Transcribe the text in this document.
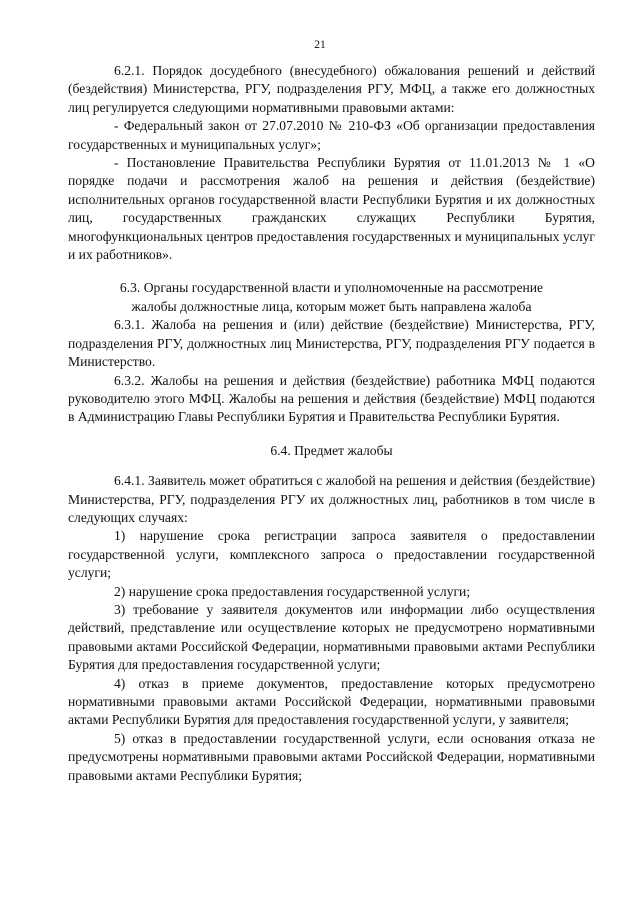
21

6.2.1. Порядок досудебного (внесудебного) обжалования решений и действий (бездействия) Министерства, РГУ, подразделения РГУ, МФЦ, а также его должностных лиц регулируется следующими нормативными правовыми актами:

- Федеральный закон от 27.07.2010 № 210-ФЗ «Об организации предоставления государственных и муниципальных услуг»;

- Постановление Правительства Республики Бурятия от 11.01.2013 № 1 «О порядке подачи и рассмотрения жалоб на решения и действия (бездействие) исполнительных органов государственной власти Республики Бурятия и их должностных лиц, государственных гражданских служащих Республики Бурятия, многофункциональных центров предоставления государственных и муниципальных услуг и их работников».

6.3. Органы государственной власти и уполномоченные на рассмотрение жалобы должностные лица, которым может быть направлена жалоба

6.3.1. Жалоба на решения и (или) действие (бездействие) Министерства, РГУ, подразделения РГУ, должностных лиц Министерства, РГУ, подразделения РГУ подается в Министерство.

6.3.2. Жалобы на решения и действия (бездействие) работника МФЦ подаются руководителю этого МФЦ. Жалобы на решения и действия (бездействие) МФЦ подаются в Администрацию Главы Республики Бурятия и Правительства Республики Бурятия.

6.4. Предмет жалобы

6.4.1. Заявитель может обратиться с жалобой на решения и действия (бездействие) Министерства, РГУ, подразделения РГУ их должностных лиц, работников в том числе в следующих случаях:

1) нарушение срока регистрации запроса заявителя о предоставлении государственной услуги, комплексного запроса о предоставлении государственной услуги;

2) нарушение срока предоставления государственной услуги;

3) требование у заявителя документов или информации либо осуществления действий, представление или осуществление которых не предусмотрено нормативными правовыми актами Российской Федерации, нормативными правовыми актами Республики Бурятия для предоставления государственной услуги;

4) отказ в приеме документов, предоставление которых предусмотрено нормативными правовыми актами Российской Федерации, нормативными правовыми актами Республики Бурятия для предоставления государственной услуги, у заявителя;

5) отказ в предоставлении государственной услуги, если основания отказа не предусмотрены нормативными правовыми актами Российской Федерации, нормативными правовыми актами Республики Бурятия;
